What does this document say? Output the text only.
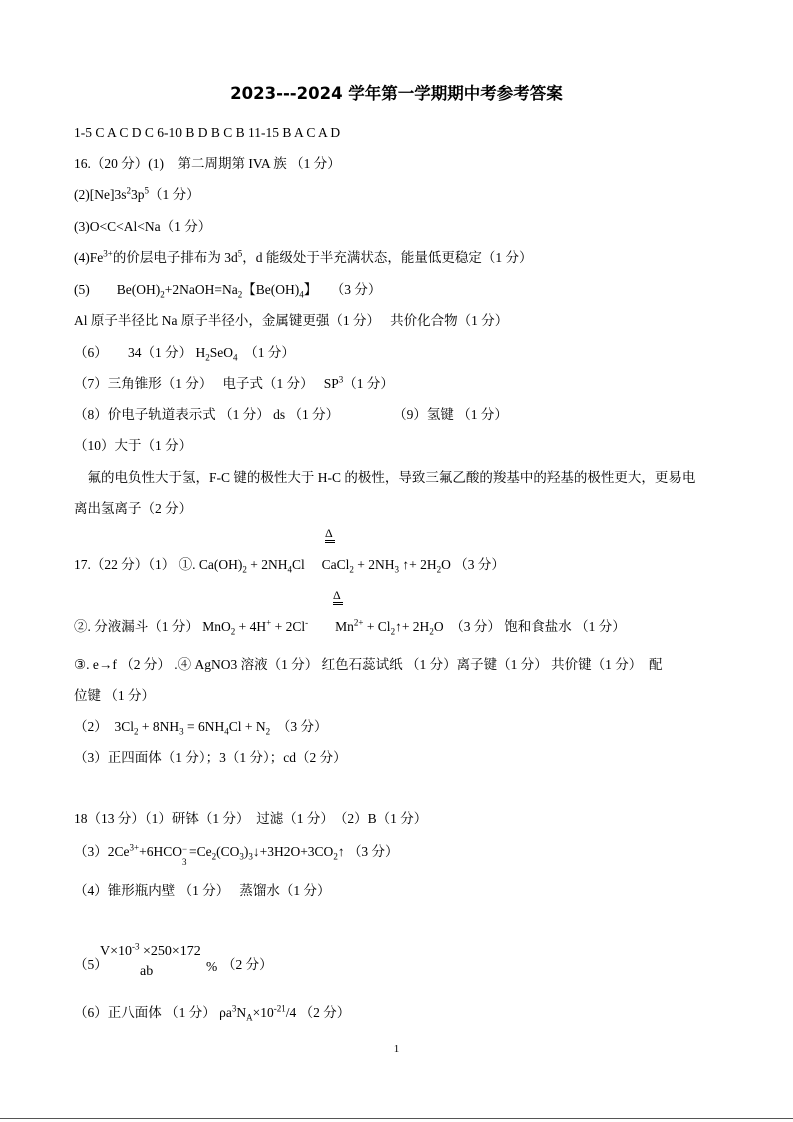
2023---2024 学年第一学期期中考参考答案
1-5 C A C D C 6-10 B D B C B 11-15 B A C A D
16.（20 分）(1)　第二周期第 IVA 族 （1 分）
$(2)[Ne]3s^23p^5(1$ 分）
(3)O<C<Al<Na（1 分）
$(4)Fe^{3+}$的价层电子排布为 $3d^5$，d 能级处于半充满状态，能量低更稳定（1 分）
(5)　　$Be(OH)_2+2NaOH=Na_2$【$Be(OH)_4$】　　（3 分）
Al 原子半径比 Na 原子半径小，金属键更强（1 分）　 共价化合物（1 分）
（6）　　34（1 分） $H_2SeO_4$　（1 分）
（7）三角锥形（1 分）　 电子式（1 分）　 $SP^3(1$ 分）
（8）价电子轨道表示式 （1 分） ds （1 分）　　　　　（9）氢键 （1 分）
（10）大于（1 分）
　氟的电负性大于氢，F-C 键的极性大于 H-C 的极性，导致三氟乙酸的羧基中的羟基的极性更大，更易电
离出氢离子（2 分）
Δ
17.（22 分）（1） ①. $Ca(OH)_2 + 2NH_4Cl$　 CaCl$_2$ + $2NH_3$ ↑+ $2H_2O$ （3 分）
Δ
②. 分液漏斗（1 分） MnO$_2$ + 4H+ + 2Cl-　　$Mn^{2+}$ + $Cl_2↑+ 2H_2O$　（3 分） 饱和食盐水 （1 分）
③. e→f （2 分） .④ AgNO3 溶液（1 分） 红色石蕊试纸 （1 分）离子键（1 分） 共价键（1 分）　配
位键 （1 分）
（2）　$3Cl_2 + 8NH_3 = 6NH_4Cl + N_2$　（3 分）
（3）正四面体（1 分）；3（1 分）；cd（2 分）
18（13 分）（1）研钵（1 分）　过滤（1 分）　（2）B（1 分）
$(3)2Ce^{3+}+6HCO$ −
3
$=Ce_2(CO_3)_3↓+3H2O+3CO_2↑$ （3 分）
（4）锥形瓶内壁 （1 分）　 蒸馏水（1 分）
（5）
$V\times 10^{-3} \times 250\times 172$
ab	% （2 分）
（6）正八面体 （1 分） $\rho a^3N_A\times 10^{-21}/4$ （2 分）
1
